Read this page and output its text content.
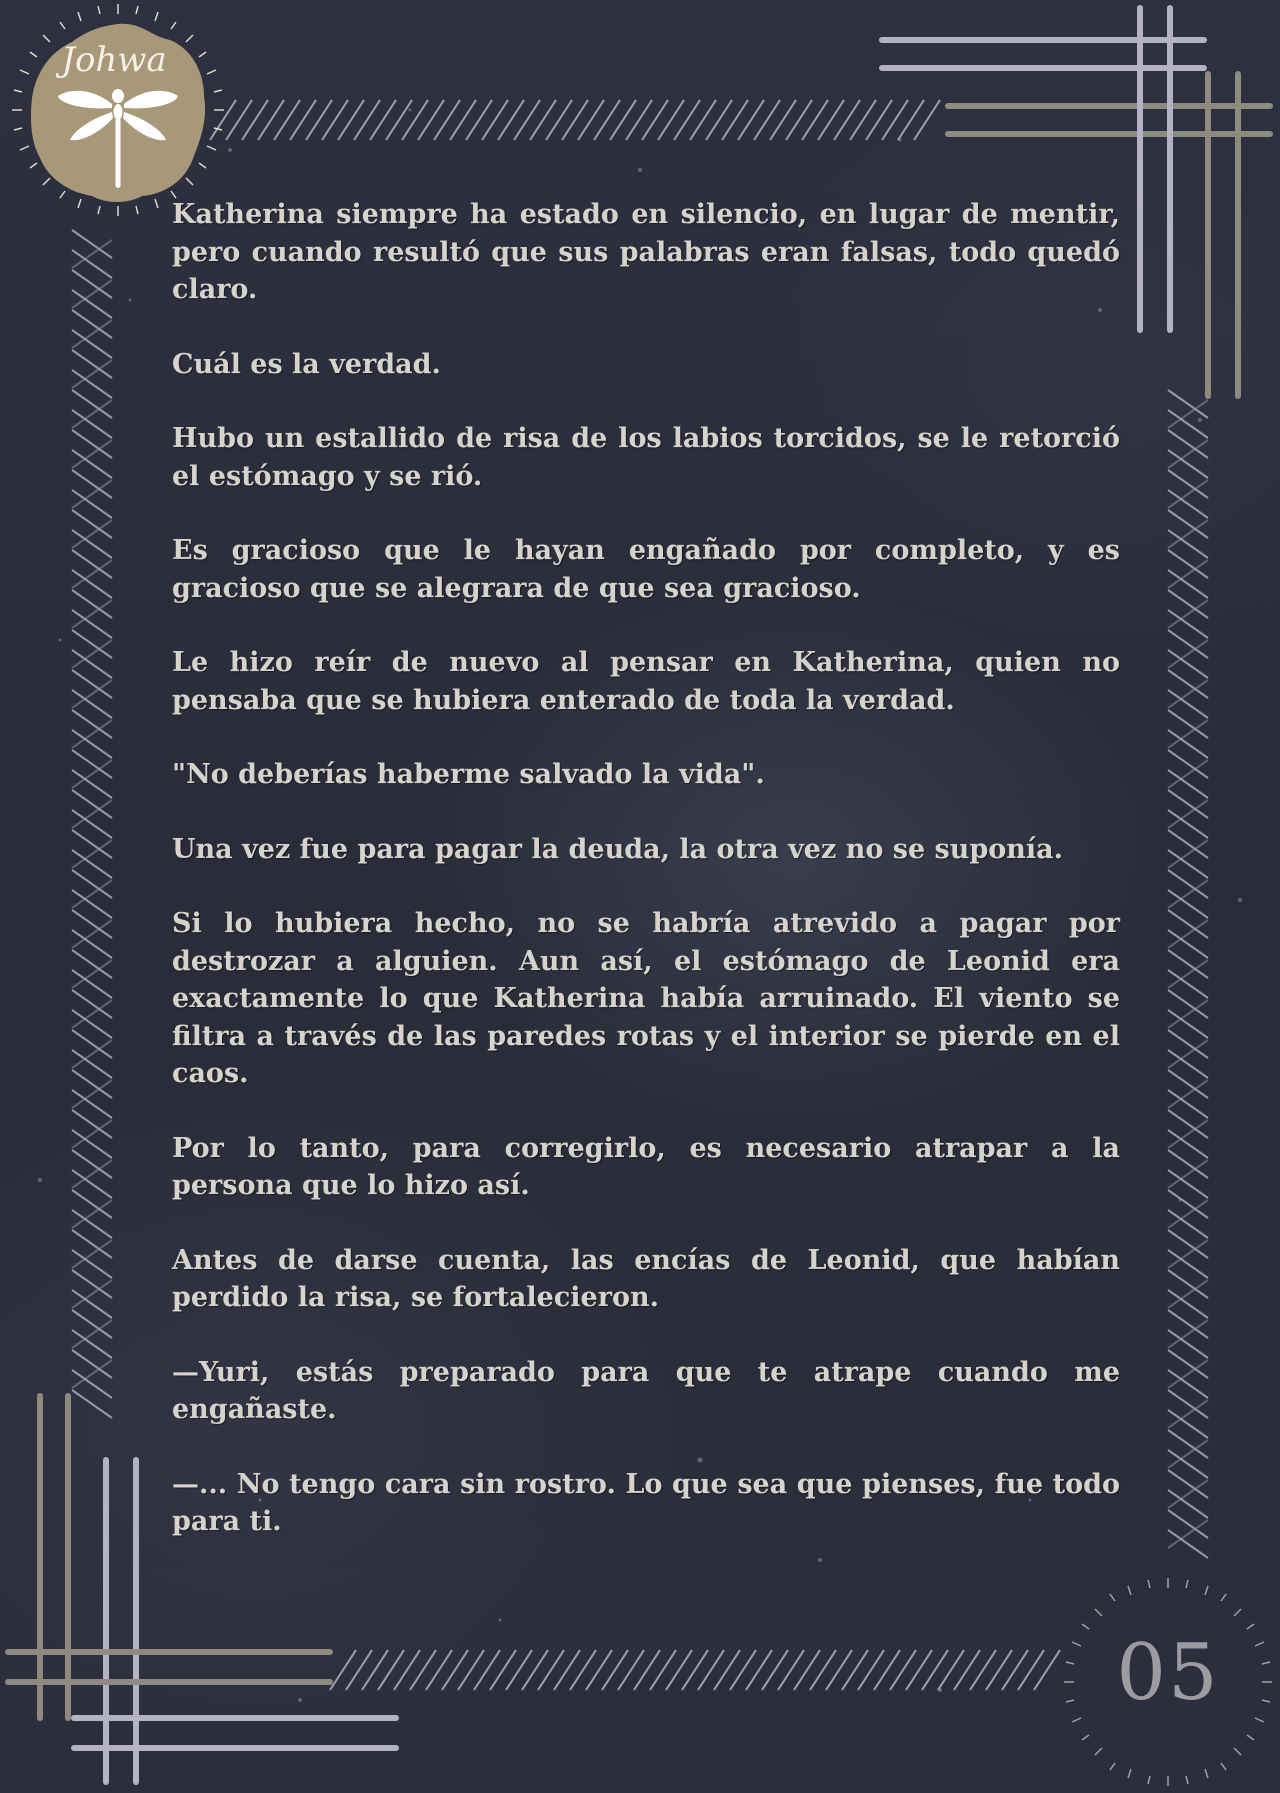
Johwa

Katherina siempre ha estado en silencio, en lugar de mentir, pero cuando resultó que sus palabras eran falsas, todo quedó claro.

Cuál es la verdad.

Hubo un estallido de risa de los labios torcidos, se le retorció el estómago y se rió.

Es gracioso que le hayan engañado por completo, y es gracioso que se alegrara de que sea gracioso.

Le hizo reír de nuevo al pensar en Katherina, quien no pensaba que se hubiera enterado de toda la verdad.

"No deberías haberme salvado la vida".

Una vez fue para pagar la deuda, la otra vez no se suponía.

Si lo hubiera hecho, no se habría atrevido a pagar por destrozar a alguien. Aun así, el estómago de Leonid era exactamente lo que Katherina había arruinado. El viento se filtra a través de las paredes rotas y el interior se pierde en el caos.

Por lo tanto, para corregirlo, es necesario atrapar a la persona que lo hizo así.

Antes de darse cuenta, las encías de Leonid, que habían perdido la risa, se fortalecieron.

—Yuri, estás preparado para que te atrape cuando me engañaste.

—... No tengo cara sin rostro. Lo que sea que pienses, fue todo para ti.

05
